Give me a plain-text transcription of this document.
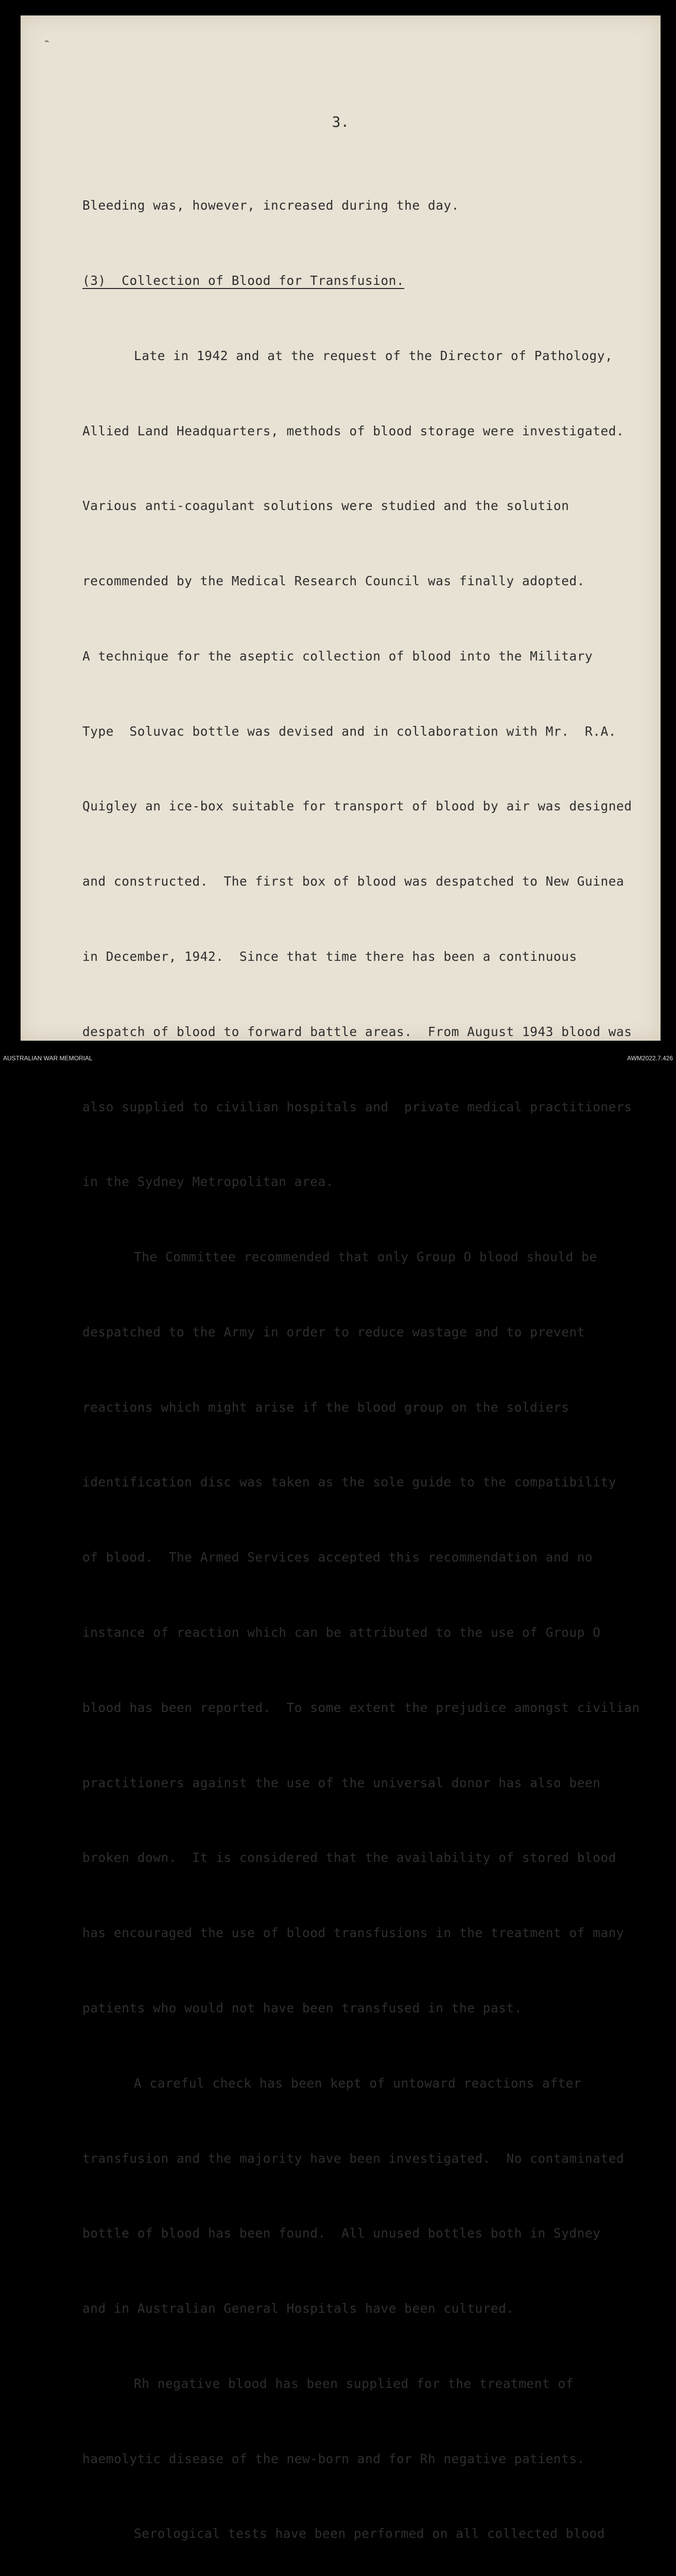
⌁
3.

Bleeding was, however, increased during the day.

(3)  Collection of Blood for Transfusion.

Late in 1942 and at the request of the Director of Pathology,

Allied Land Headquarters, methods of blood storage were investigated.

Various anti-coagulant solutions were studied and the solution

recommended by the Medical Research Council was finally adopted.

A technique for the aseptic collection of blood into the Military

Type  Soluvac bottle was devised and in collaboration with Mr.  R.A.

Quigley an ice-box suitable for transport of blood by air was designed

and constructed.  The first box of blood was despatched to New Guinea

in December, 1942.  Since that time there has been a continuous

despatch of blood to forward battle areas.  From August 1943 blood was

also supplied to civilian hospitals and  private medical practitioners

in the Sydney Metropolitan area.

The Committee recommended that only Group O blood should be

despatched to the Army in order to reduce wastage and to prevent

reactions which might arise if the blood group on the soldiers

identification disc was taken as the sole guide to the compatibility

of blood.  The Armed Services accepted this recommendation and no

instance of reaction which can be attributed to the use of Group O

blood has been reported.  To some extent the prejudice amongst civilian

practitioners against the use of the universal donor has also been

broken down.  It is considered that the availability of stored blood

has encouraged the use of blood transfusions in the treatment of many

patients who would not have been transfused in the past.

A careful check has been kept of untoward reactions after

transfusion and the majority have been investigated.  No contaminated

bottle of blood has been found.  All unused bottles both in Sydney

and in Australian General Hospitals have been cultured.

Rh negative blood has been supplied for the treatment of

haemolytic disease of the new-born and for Rh negative patients.

Serological tests have been performed on all collected blood

AUSTRALIAN WAR MEMORIAL	AWM2022.7.426
